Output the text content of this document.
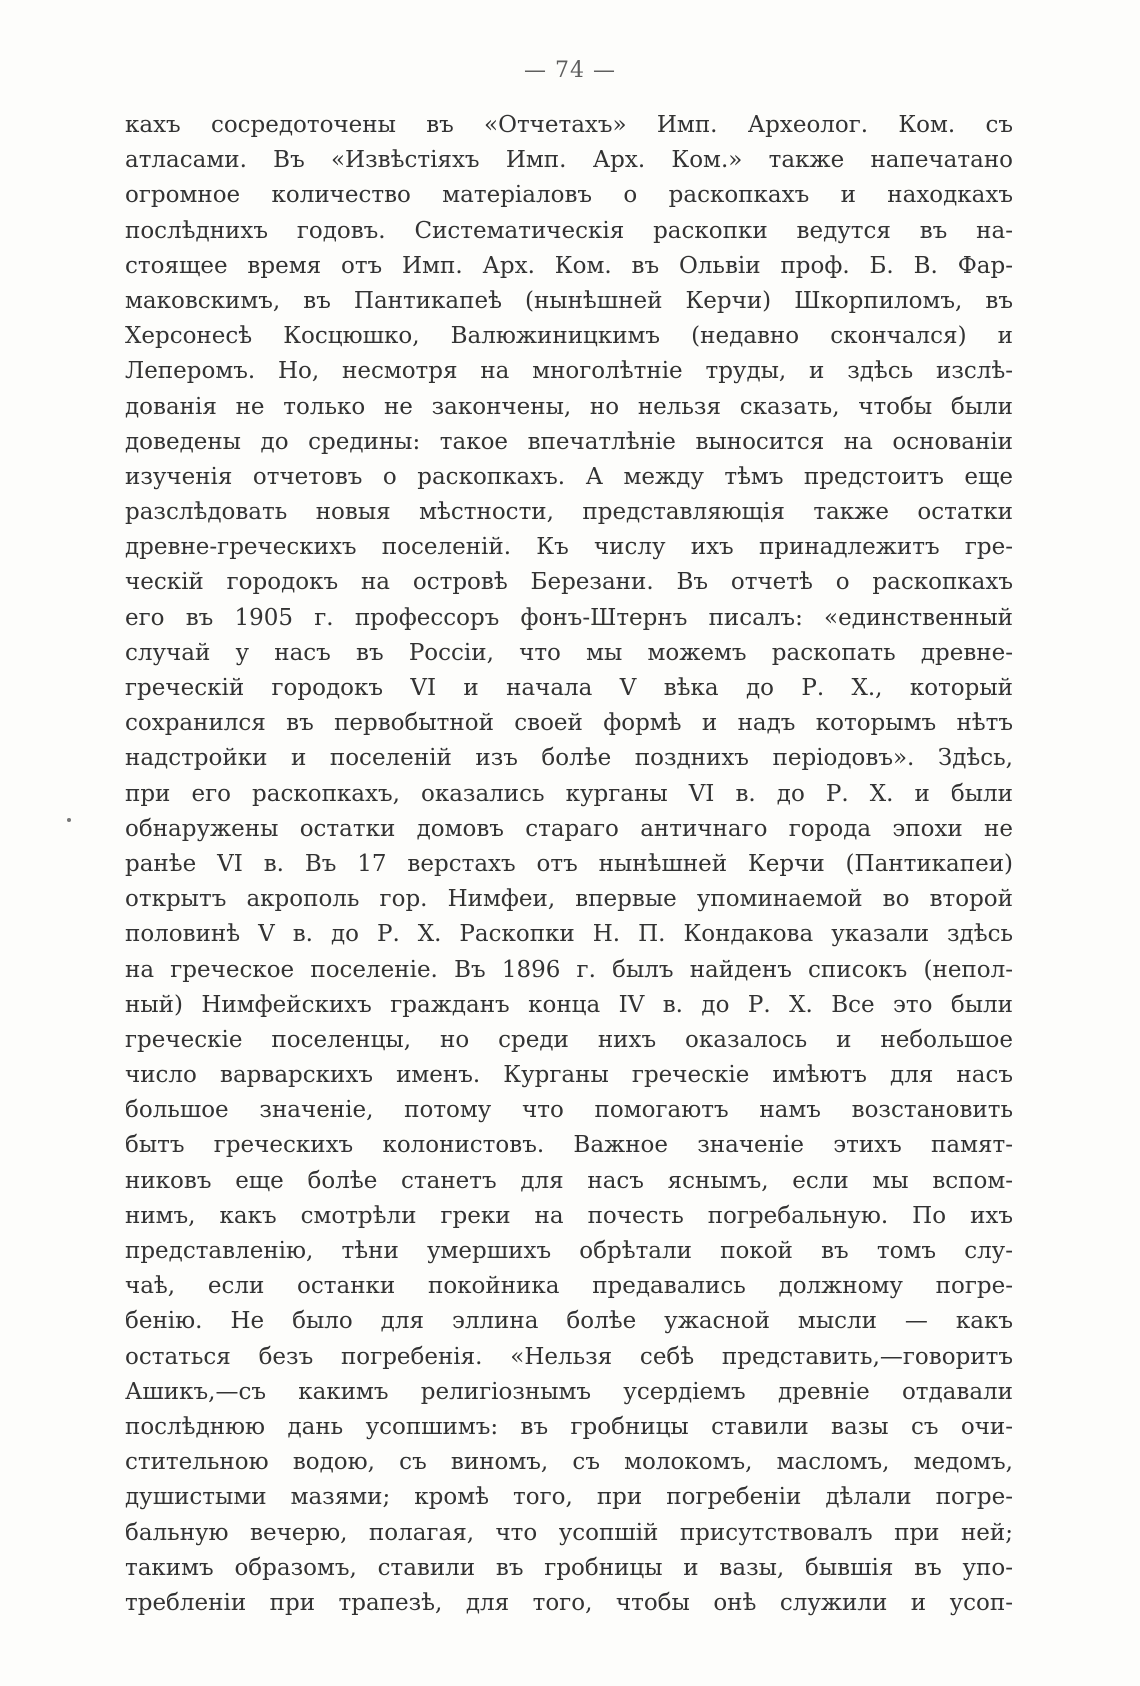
— 74 —
кахъ сосредоточены въ «Отчетахъ» Имп. Археолог. Ком. съ
атласами. Въ «Извѣстіяхъ Имп. Арх. Ком.» также напечатано
огромное количество матеріаловъ о раскопкахъ и находкахъ
послѣднихъ годовъ. Систематическія раскопки ведутся въ на-
стоящее время отъ Имп. Арх. Ком. въ Ольвіи проф. Б. В. Фар-
маковскимъ, въ Пантикапеѣ (нынѣшней Керчи) Шкорпиломъ, въ
Херсонесѣ Косцюшко, Валюжиницкимъ (недавно скончался) и
Леперомъ. Но, несмотря на многолѣтніе труды, и здѣсь изслѣ-
дованія не только не закончены, но нельзя сказать, чтобы были
доведены до средины: такое впечатлѣніе выносится на основаніи
изученія отчетовъ о раскопкахъ. А между тѣмъ предстоитъ еще
разслѣдовать новыя мѣстности, представляющія также остатки
древне-греческихъ поселеній. Къ числу ихъ принадлежитъ гре-
ческій городокъ на островѣ Березани. Въ отчетѣ о раскопкахъ
его въ 1905 г. профессоръ фонъ-Штернъ писалъ: «единственный
случай у насъ въ Россіи, что мы можемъ раскопать древне-
греческій городокъ VI и начала V вѣка до Р. Х., который
сохранился въ первобытной своей формѣ и надъ которымъ нѣтъ
надстройки и поселеній изъ болѣе позднихъ періодовъ». Здѣсь,
при его раскопкахъ, оказались курганы VI в. до Р. Х. и были
обнаружены остатки домовъ стараго античнаго города эпохи не
ранѣе VI в. Въ 17 верстахъ отъ нынѣшней Керчи (Пантикапеи)
открытъ акрополь гор. Нимфеи, впервые упоминаемой во второй
половинѣ V в. до Р. Х. Раскопки Н. П. Кондакова указали здѣсь
на греческое поселеніе. Въ 1896 г. былъ найденъ списокъ (непол-
ный) Нимфейскихъ гражданъ конца IV в. до Р. Х. Все это были
греческіе поселенцы, но среди нихъ оказалось и небольшое
число варварскихъ именъ. Курганы греческіе имѣютъ для насъ
большое значеніе, потому что помогаютъ намъ возстановить
бытъ греческихъ колонистовъ. Важное значеніе этихъ памят-
никовъ еще болѣе станетъ для насъ яснымъ, если мы вспом-
нимъ, какъ смотрѣли греки на почесть погребальную. По ихъ
представленію, тѣни умершихъ обрѣтали покой въ томъ слу-
чаѣ, если останки покойника предавались должному погре-
бенію. Не было для эллина болѣе ужасной мысли — какъ
остаться безъ погребенія. «Нельзя себѣ представить,—говоритъ
Ашикъ,—съ какимъ религіознымъ усердіемъ древніе отдавали
послѣднюю дань усопшимъ: въ гробницы ставили вазы съ очи-
стительною водою, съ виномъ, съ молокомъ, масломъ, медомъ,
душистыми мазями; кромѣ того, при погребеніи дѣлали погре-
бальную вечерю, полагая, что усопшій присутствовалъ при ней;
такимъ образомъ, ставили въ гробницы и вазы, бывшія въ упо-
требленіи при трапезѣ, для того, чтобы онѣ служили и усоп-
